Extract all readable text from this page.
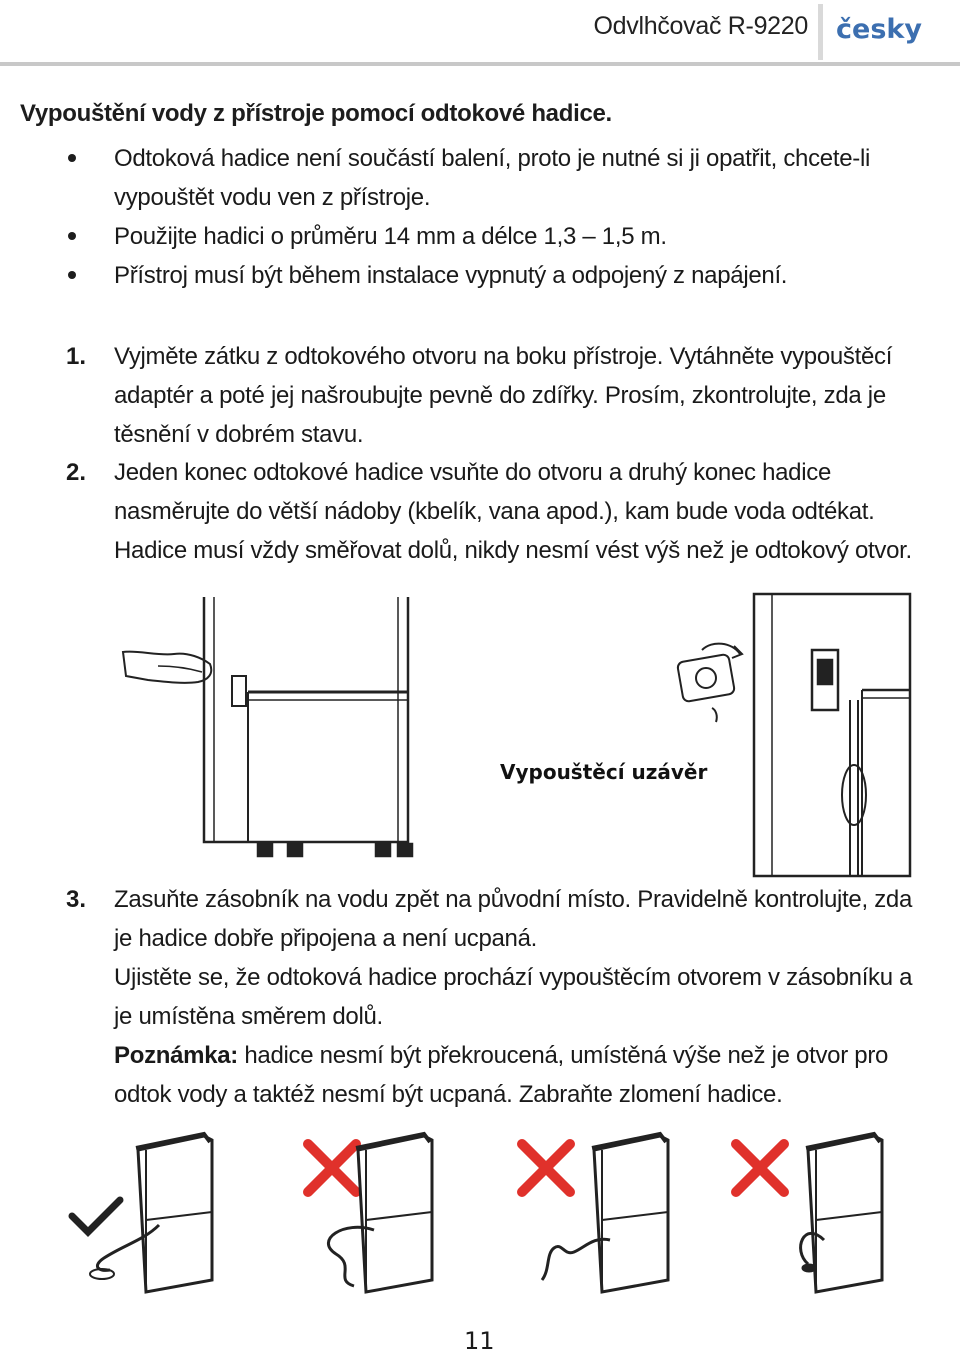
Odvlhčovač R-9220 česky
Vypouštění vody z přístroje pomocí odtokové hadice.
Odtoková hadice není součástí balení, proto je nutné si ji opatřit, chcete-li
vypouštět vodu ven z přístroje.
Použijte hadici o průměru 14 mm a délce 1,3 – 1,5 m.
Přístroj musí být během instalace vypnutý a odpojený z napájení.
1. Vyjměte zátku z odtokového otvoru na boku přístroje. Vytáhněte vypouštěcí
adaptér a poté jej našroubujte pevně do zdířky. Prosím, zkontrolujte, zda je
těsnění v dobrém stavu.
2. Jeden konec odtokové hadice vsuňte do otvoru a druhý konec hadice
nasměrujte do větší nádoby (kbelík, vana apod.), kam bude voda odtékat.
Hadice musí vždy směřovat dolů, nikdy nesmí vést výš než je odtokový otvor.
Vypouštěcí uzávěr
3. Zasuňte zásobník na vodu zpět na původní místo. Pravidelně kontrolujte, zda
je hadice dobře připojena a není ucpaná.
Ujistěte se, že odtoková hadice prochází vypouštěcím otvorem v zásobníku a
je umístěna směrem dolů.
Poznámka: hadice nesmí být překroucená, umístěná výše než je otvor pro
odtok vody a taktéž nesmí být ucpaná. Zabraňte zlomení hadice.
11
